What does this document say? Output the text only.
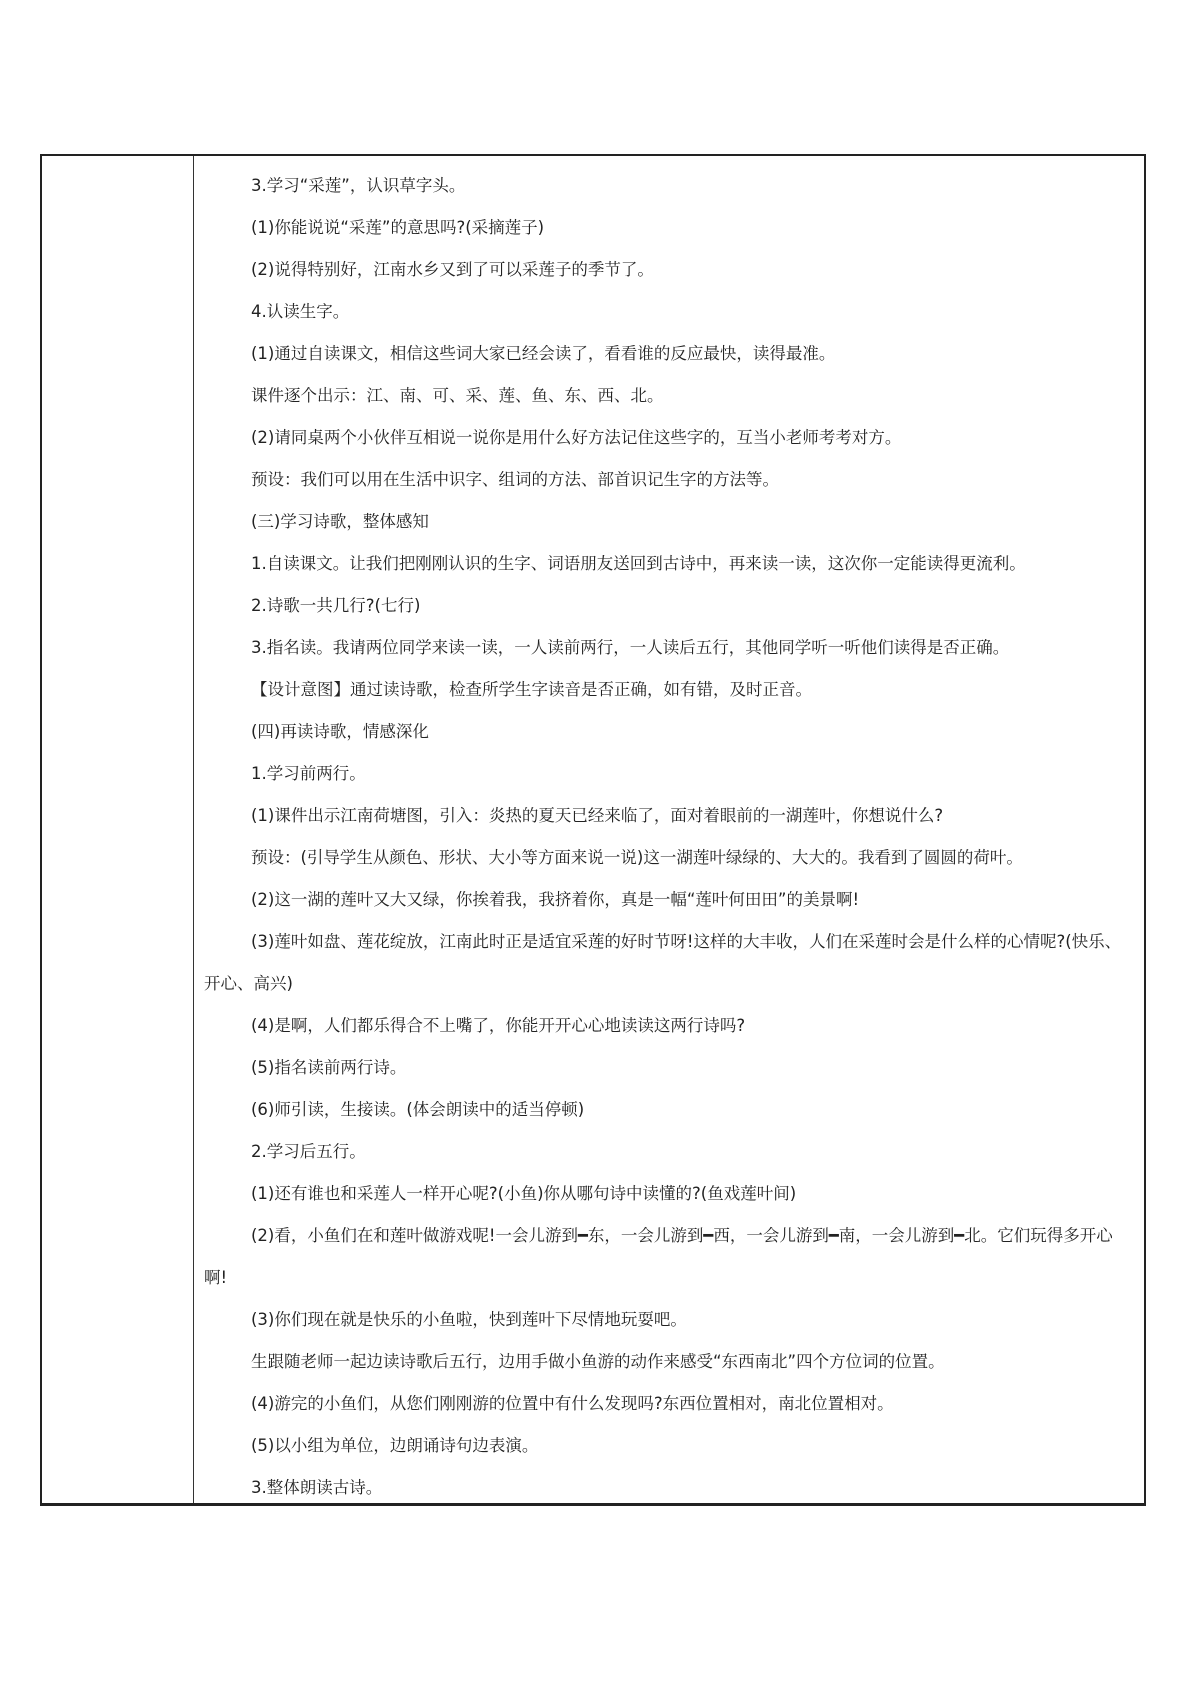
3.学习“采莲”，认识草字头。

(1)你能说说“采莲”的意思吗?(采摘莲子)

(2)说得特别好，江南水乡又到了可以采莲子的季节了。

4.认读生字。

(1)通过自读课文，相信这些词大家已经会读了，看看谁的反应最快，读得最准。

课件逐个出示：江、南、可、采、莲、鱼、东、西、北。

(2)请同桌两个小伙伴互相说一说你是用什么好方法记住这些字的，互当小老师考考对方。

预设：我们可以用在生活中识字、组词的方法、部首识记生字的方法等。

(三)学习诗歌，整体感知

1.自读课文。让我们把刚刚认识的生字、词语朋友送回到古诗中，再来读一读，这次你一定能读得更流利。

2.诗歌一共几行?(七行)

3.指名读。我请两位同学来读一读，一人读前两行，一人读后五行，其他同学听一听他们读得是否正确。

【设计意图】通过读诗歌，检查所学生字读音是否正确，如有错，及时正音。

(四)再读诗歌，情感深化

1.学习前两行。

(1)课件出示江南荷塘图，引入：炎热的夏天已经来临了，面对着眼前的一湖莲叶，你想说什么?

预设：(引导学生从颜色、形状、大小等方面来说一说)这一湖莲叶绿绿的、大大的。我看到了圆圆的荷叶。

(2)这一湖的莲叶又大又绿，你挨着我，我挤着你，真是一幅“莲叶何田田”的美景啊!

(3)莲叶如盘、莲花绽放，江南此时正是适宜采莲的好时节呀!这样的大丰收，人们在采莲时会是什么样的心情呢?(快乐、开心、高兴)

(4)是啊，人们都乐得合不上嘴了，你能开开心心地读读这两行诗吗?

(5)指名读前两行诗。

(6)师引读，生接读。(体会朗读中的适当停顿)

2.学习后五行。

(1)还有谁也和采莲人一样开心呢?(小鱼)你从哪句诗中读懂的?(鱼戏莲叶间)

(2)看，小鱼们在和莲叶做游戏呢!一会儿游到━东，一会儿游到━西，一会儿游到━南，一会儿游到━北。它们玩得多开心啊!

(3)你们现在就是快乐的小鱼啦，快到莲叶下尽情地玩耍吧。

生跟随老师一起边读诗歌后五行，边用手做小鱼游的动作来感受“东西南北”四个方位词的位置。

(4)游完的小鱼们，从您们刚刚游的位置中有什么发现吗?东西位置相对，南北位置相对。

(5)以小组为单位，边朗诵诗句边表演。

3.整体朗读古诗。
